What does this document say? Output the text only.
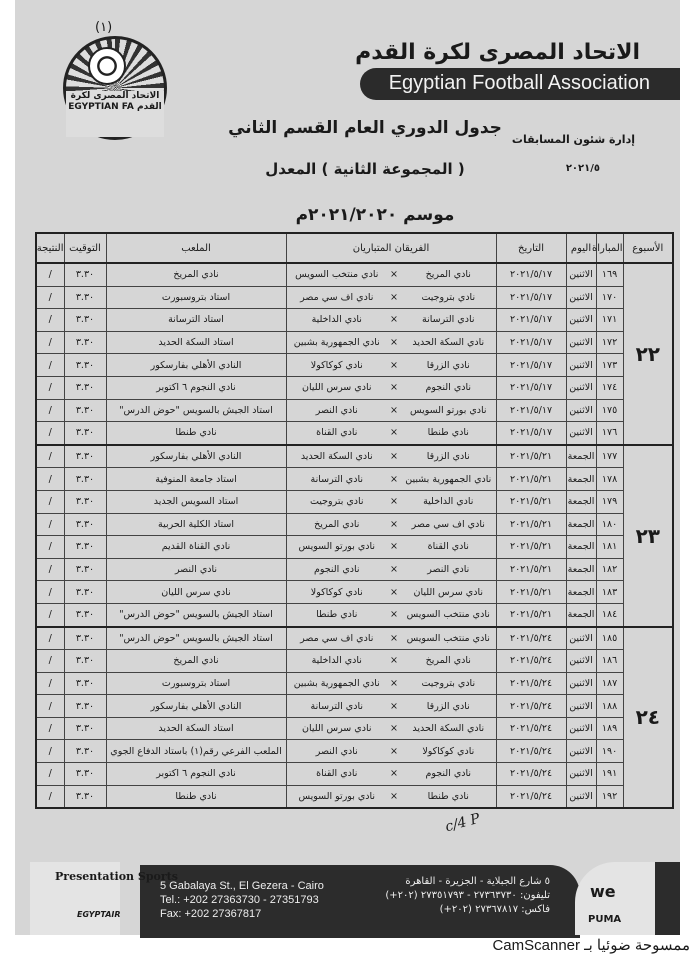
(١)
الاتحاد المصرى لكرة القدم EGYPTIAN FA
الاتحاد المصرى لكرة القدم
Egyptian Football Association
جدول الدوري العام القسم الثاني
( المجموعة الثانية ) المعدل
موسم ٢٠٢١/٢٠٢٠م
إدارة شئون المسابقات
٢٠٢١/٥
الأسبوع	المباراة	اليوم	التاريخ	الفريقان المتباريان			الملعب	التوقيت	النتيجة
٢٢	١٦٩	الاثنين	٢٠٢١/٥/١٧	نادي المريخ	×	نادي منتخب السويس	نادي المريخ	٣.٣٠	/
	١٧٠	الاثنين	٢٠٢١/٥/١٧	نادي بتروجيت	×	نادي اف سي مصر	استاد بتروسبورت	٣.٣٠	/
	١٧١	الاثنين	٢٠٢١/٥/١٧	نادي الترسانة	×	نادي الداخلية	استاد الترسانة	٣.٣٠	/
	١٧٢	الاثنين	٢٠٢١/٥/١٧	نادي السكة الحديد	×	نادي الجمهورية بشبين	استاد السكة الحديد	٣.٣٠	/
	١٧٣	الاثنين	٢٠٢١/٥/١٧	نادي الزرقا	×	نادي كوكاكولا	النادي الأهلي بفارسكور	٣.٣٠	/
	١٧٤	الاثنين	٢٠٢١/٥/١٧	نادي النجوم	×	نادي سرس الليان	نادي النجوم ٦ اكتوبر	٣.٣٠	/
	١٧٥	الاثنين	٢٠٢١/٥/١٧	نادي بورتو السويس	×	نادي النصر	استاد الجيش بالسويس "حوض الدرس"	٣.٣٠	/
	١٧٦	الاثنين	٢٠٢١/٥/١٧	نادي طنطا	×	نادي القناة	نادي طنطا	٣.٣٠	/
٢٣	١٧٧	الجمعة	٢٠٢١/٥/٢١	نادي الزرقا	×	نادي السكة الحديد	النادي الأهلي بفارسكور	٣.٣٠	/
	١٧٨	الجمعة	٢٠٢١/٥/٢١	نادي الجمهورية بشبين	×	نادي الترسانة	استاد جامعة المنوفية	٣.٣٠	/
	١٧٩	الجمعة	٢٠٢١/٥/٢١	نادي الداخلية	×	نادي بتروجيت	استاد السويس الجديد	٣.٣٠	/
	١٨٠	الجمعة	٢٠٢١/٥/٢١	نادي اف سي مصر	×	نادي المريخ	استاد الكلية الحربية	٣.٣٠	/
	١٨١	الجمعة	٢٠٢١/٥/٢١	نادي القناة	×	نادي بورتو السويس	نادي القناة القديم	٣.٣٠	/
	١٨٢	الجمعة	٢٠٢١/٥/٢١	نادي النصر	×	نادي النجوم	نادي النصر	٣.٣٠	/
	١٨٣	الجمعة	٢٠٢١/٥/٢١	نادي سرس الليان	×	نادي كوكاكولا	نادي سرس الليان	٣.٣٠	/
	١٨٤	الجمعة	٢٠٢١/٥/٢١	نادي منتخب السويس	×	نادي طنطا	استاد الجيش بالسويس "حوض الدرس"	٣.٣٠	/
٢٤	١٨٥	الاثنين	٢٠٢١/٥/٢٤	نادي منتخب السويس	×	نادي اف سي مصر	استاد الجيش بالسويس "حوض الدرس"	٣.٣٠	/
	١٨٦	الاثنين	٢٠٢١/٥/٢٤	نادي المريخ	×	نادي الداخلية	نادي المريخ	٣.٣٠	/
	١٨٧	الاثنين	٢٠٢١/٥/٢٤	نادي بتروجيت	×	نادي الجمهورية بشبين	استاد بتروسبورت	٣.٣٠	/
	١٨٨	الاثنين	٢٠٢١/٥/٢٤	نادي الزرقا	×	نادي الترسانة	النادي الأهلي بفارسكور	٣.٣٠	/
	١٨٩	الاثنين	٢٠٢١/٥/٢٤	نادي السكة الحديد	×	نادي سرس الليان	استاد السكة الحديد	٣.٣٠	/
	١٩٠	الاثنين	٢٠٢١/٥/٢٤	نادي كوكاكولا	×	نادي النصر	الملعب الفرعي رقم(١) باستاد الدفاع الجوي	٣.٣٠	/
	١٩١	الاثنين	٢٠٢١/٥/٢٤	نادي النجوم	×	نادي القناة	نادي النجوم ٦ اكتوبر	٣.٣٠	/
	١٩٢	الاثنين	٢٠٢١/٥/٢٤	نادي طنطا	×	نادي بورتو السويس	نادي طنطا	٣.٣٠	/
c/4 P
Presentation Sports
EGYPTAIR
5 Gabalaya St., El Gezera - Cairo
Tel.: +202 27363730 - 27351793
Fax: +202 27367817
٥ شارع الجبلاية - الجزيرة - القاهرة
تليفون: ٢٧٣٦٣٧٣٠ - ٢٧٣٥١٧٩٣ (٢٠٢+)
فاكس: ٢٧٣٦٧٨١٧ (٢٠٢+)
we
PUMA
ممسوحة ضوئيا بـ CamScanner
